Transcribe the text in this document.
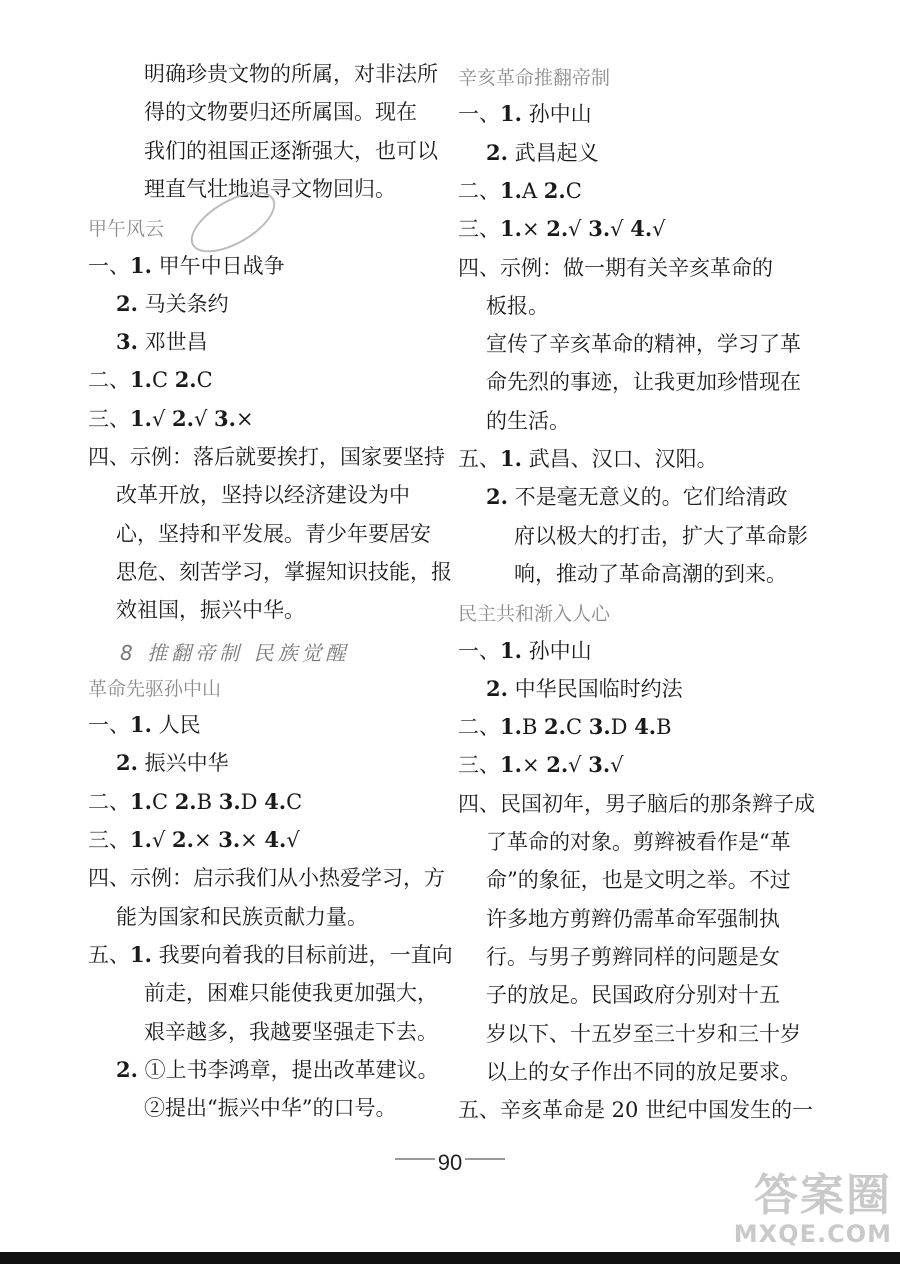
明确珍贵文物的所属，对非法所
得的文物要归还所属国。现在
我们的祖国正逐渐强大，也可以
理直气壮地追寻文物回归。
甲午风云
一、1. 甲午中日战争
2. 马关条约
3. 邓世昌
二、1.C 2.C
三、1.√ 2.√ 3.×
四、示例：落后就要挨打，国家要坚持
改革开放，坚持以经济建设为中
心，坚持和平发展。青少年要居安
思危、刻苦学习，掌握知识技能，报
效祖国，振兴中华。
8 推翻帝制 民族觉醒
革命先驱孙中山
一、1. 人民
2. 振兴中华
二、1.C 2.B 3.D 4.C
三、1.√ 2.× 3.× 4.√
四、示例：启示我们从小热爱学习，方
能为国家和民族贡献力量。
五、1. 我要向着我的目标前进，一直向
前走，困难只能使我更加强大，
艰辛越多，我越要坚强走下去。
2. ①上书李鸿章，提出改革建议。
②提出“振兴中华”的口号。
辛亥革命推翻帝制
一、1. 孙中山
2. 武昌起义
二、1.A 2.C
三、1.× 2.√ 3.√ 4.√
四、示例：做一期有关辛亥革命的
板报。
宣传了辛亥革命的精神，学习了革
命先烈的事迹，让我更加珍惜现在
的生活。
五、1. 武昌、汉口、汉阳。
2. 不是毫无意义的。它们给清政
府以极大的打击，扩大了革命影
响，推动了革命高潮的到来。
民主共和渐入人心
一、1. 孙中山
2. 中华民国临时约法
二、1.B 2.C 3.D 4.B
三、1.× 2.√ 3.√
四、民国初年，男子脑后的那条辫子成
了革命的对象。剪辫被看作是“革
命”的象征，也是文明之举。不过
许多地方剪辫仍需革命军强制执
行。与男子剪辫同样的问题是女
子的放足。民国政府分别对十五
岁以下、十五岁至三十岁和三十岁
以上的女子作出不同的放足要求。
五、辛亥革命是 20 世纪中国发生的一
90
答案圈
MXQE.COM
